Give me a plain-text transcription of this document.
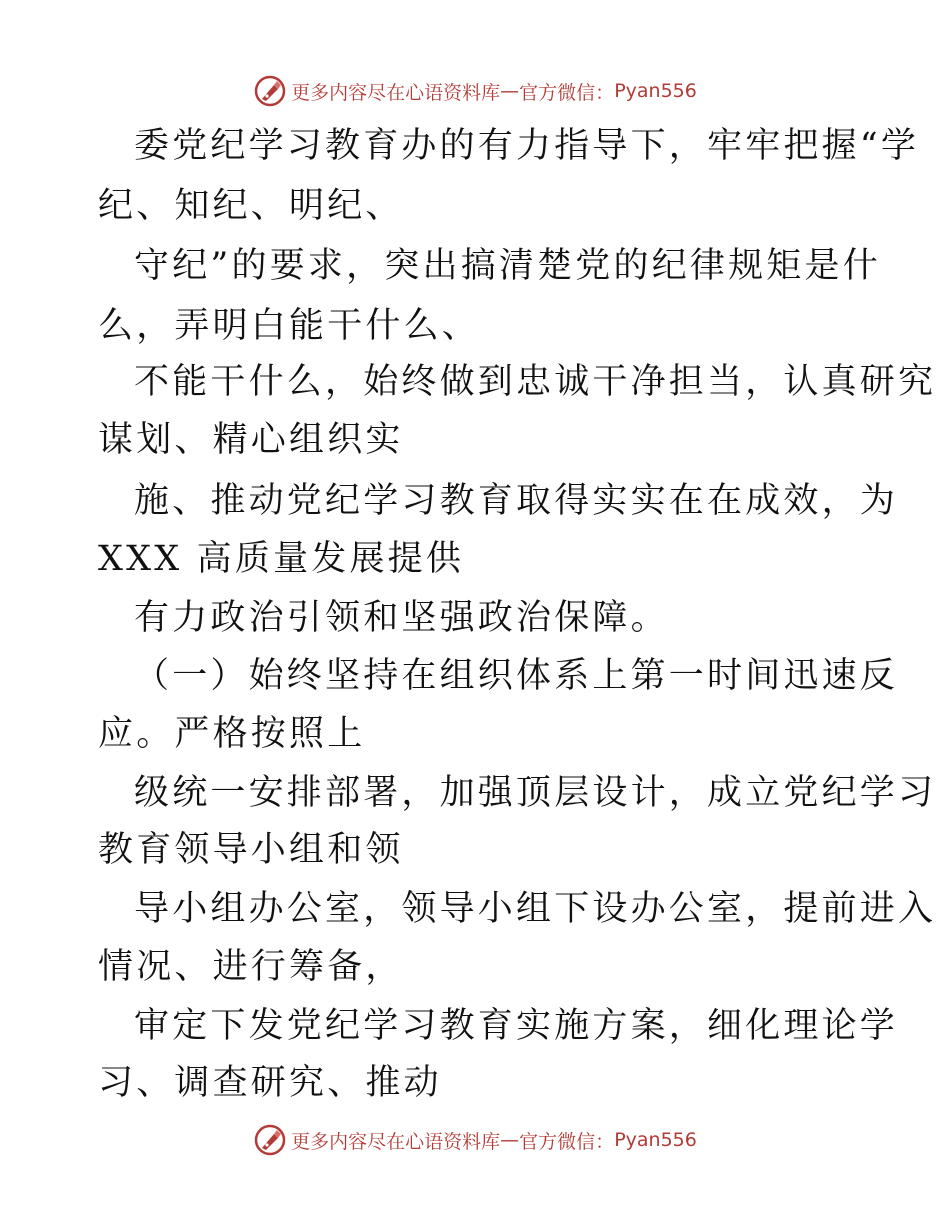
更多内容尽在心语资料库 — 官方微信： Pyan556
委党纪学习教育办的有力指导下，牢牢把握“学
纪、知纪、明纪、
守纪”的要求，突出搞清楚党的纪律规矩是什
么，弄明白能干什么、
不能干什么，始终做到忠诚干净担当，认真研究
谋划、精心组织实
施、推动党纪学习教育取得实实在在成效，为
XXX 高质量发展提供
有力政治引领和坚强政治保障。
（一）始终坚持在组织体系上第一时间迅速反
应。严格按照上
级统一安排部署，加强顶层设计，成立党纪学习
教育领导小组和领
导小组办公室，领导小组下设办公室，提前进入
情况、进行筹备，
审定下发党纪学习教育实施方案，细化理论学
习、调查研究、推动
更多内容尽在心语资料库 — 官方微信： Pyan556
